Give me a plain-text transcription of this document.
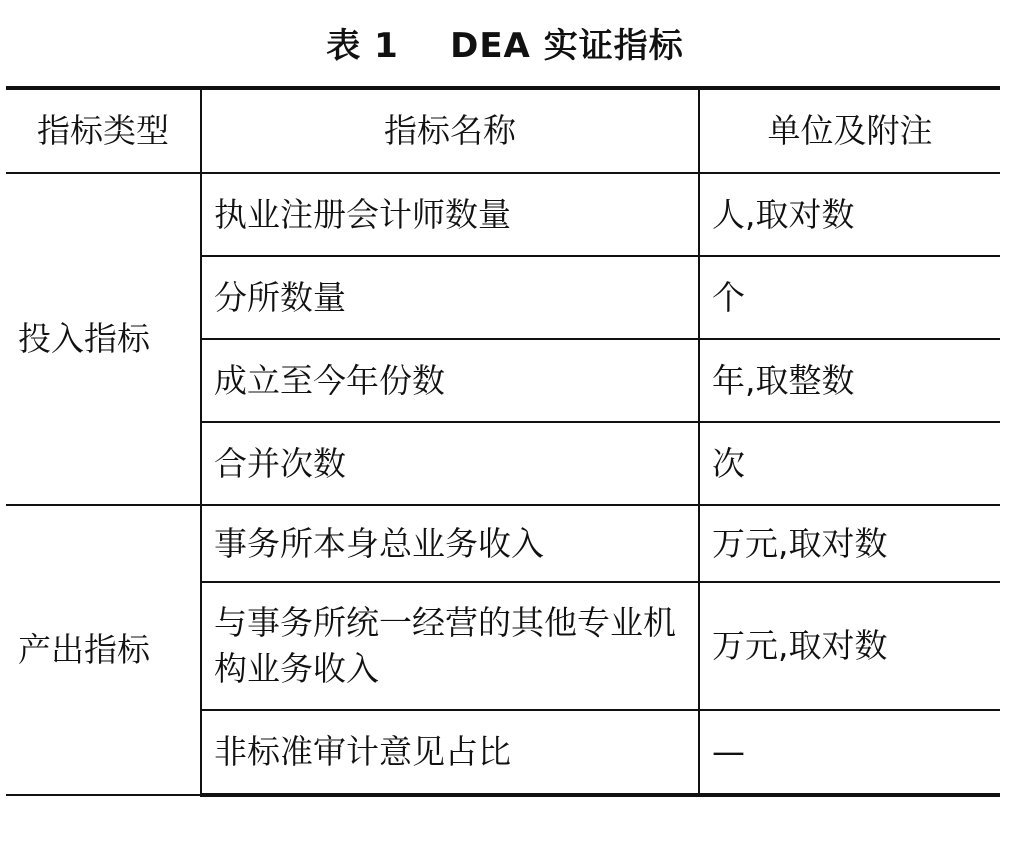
表 1    DEA 实证指标
指标类型	指标名称	单位及附注
投入指标	执业注册会计师数量	人,取对数
	分所数量	个
	成立至今年份数	年,取整数
	合并次数	次
产出指标	事务所本身总业务收入	万元,取对数
	与事务所统一经营的其他专业机构业务收入	万元,取对数
	非标准审计意见占比	—
